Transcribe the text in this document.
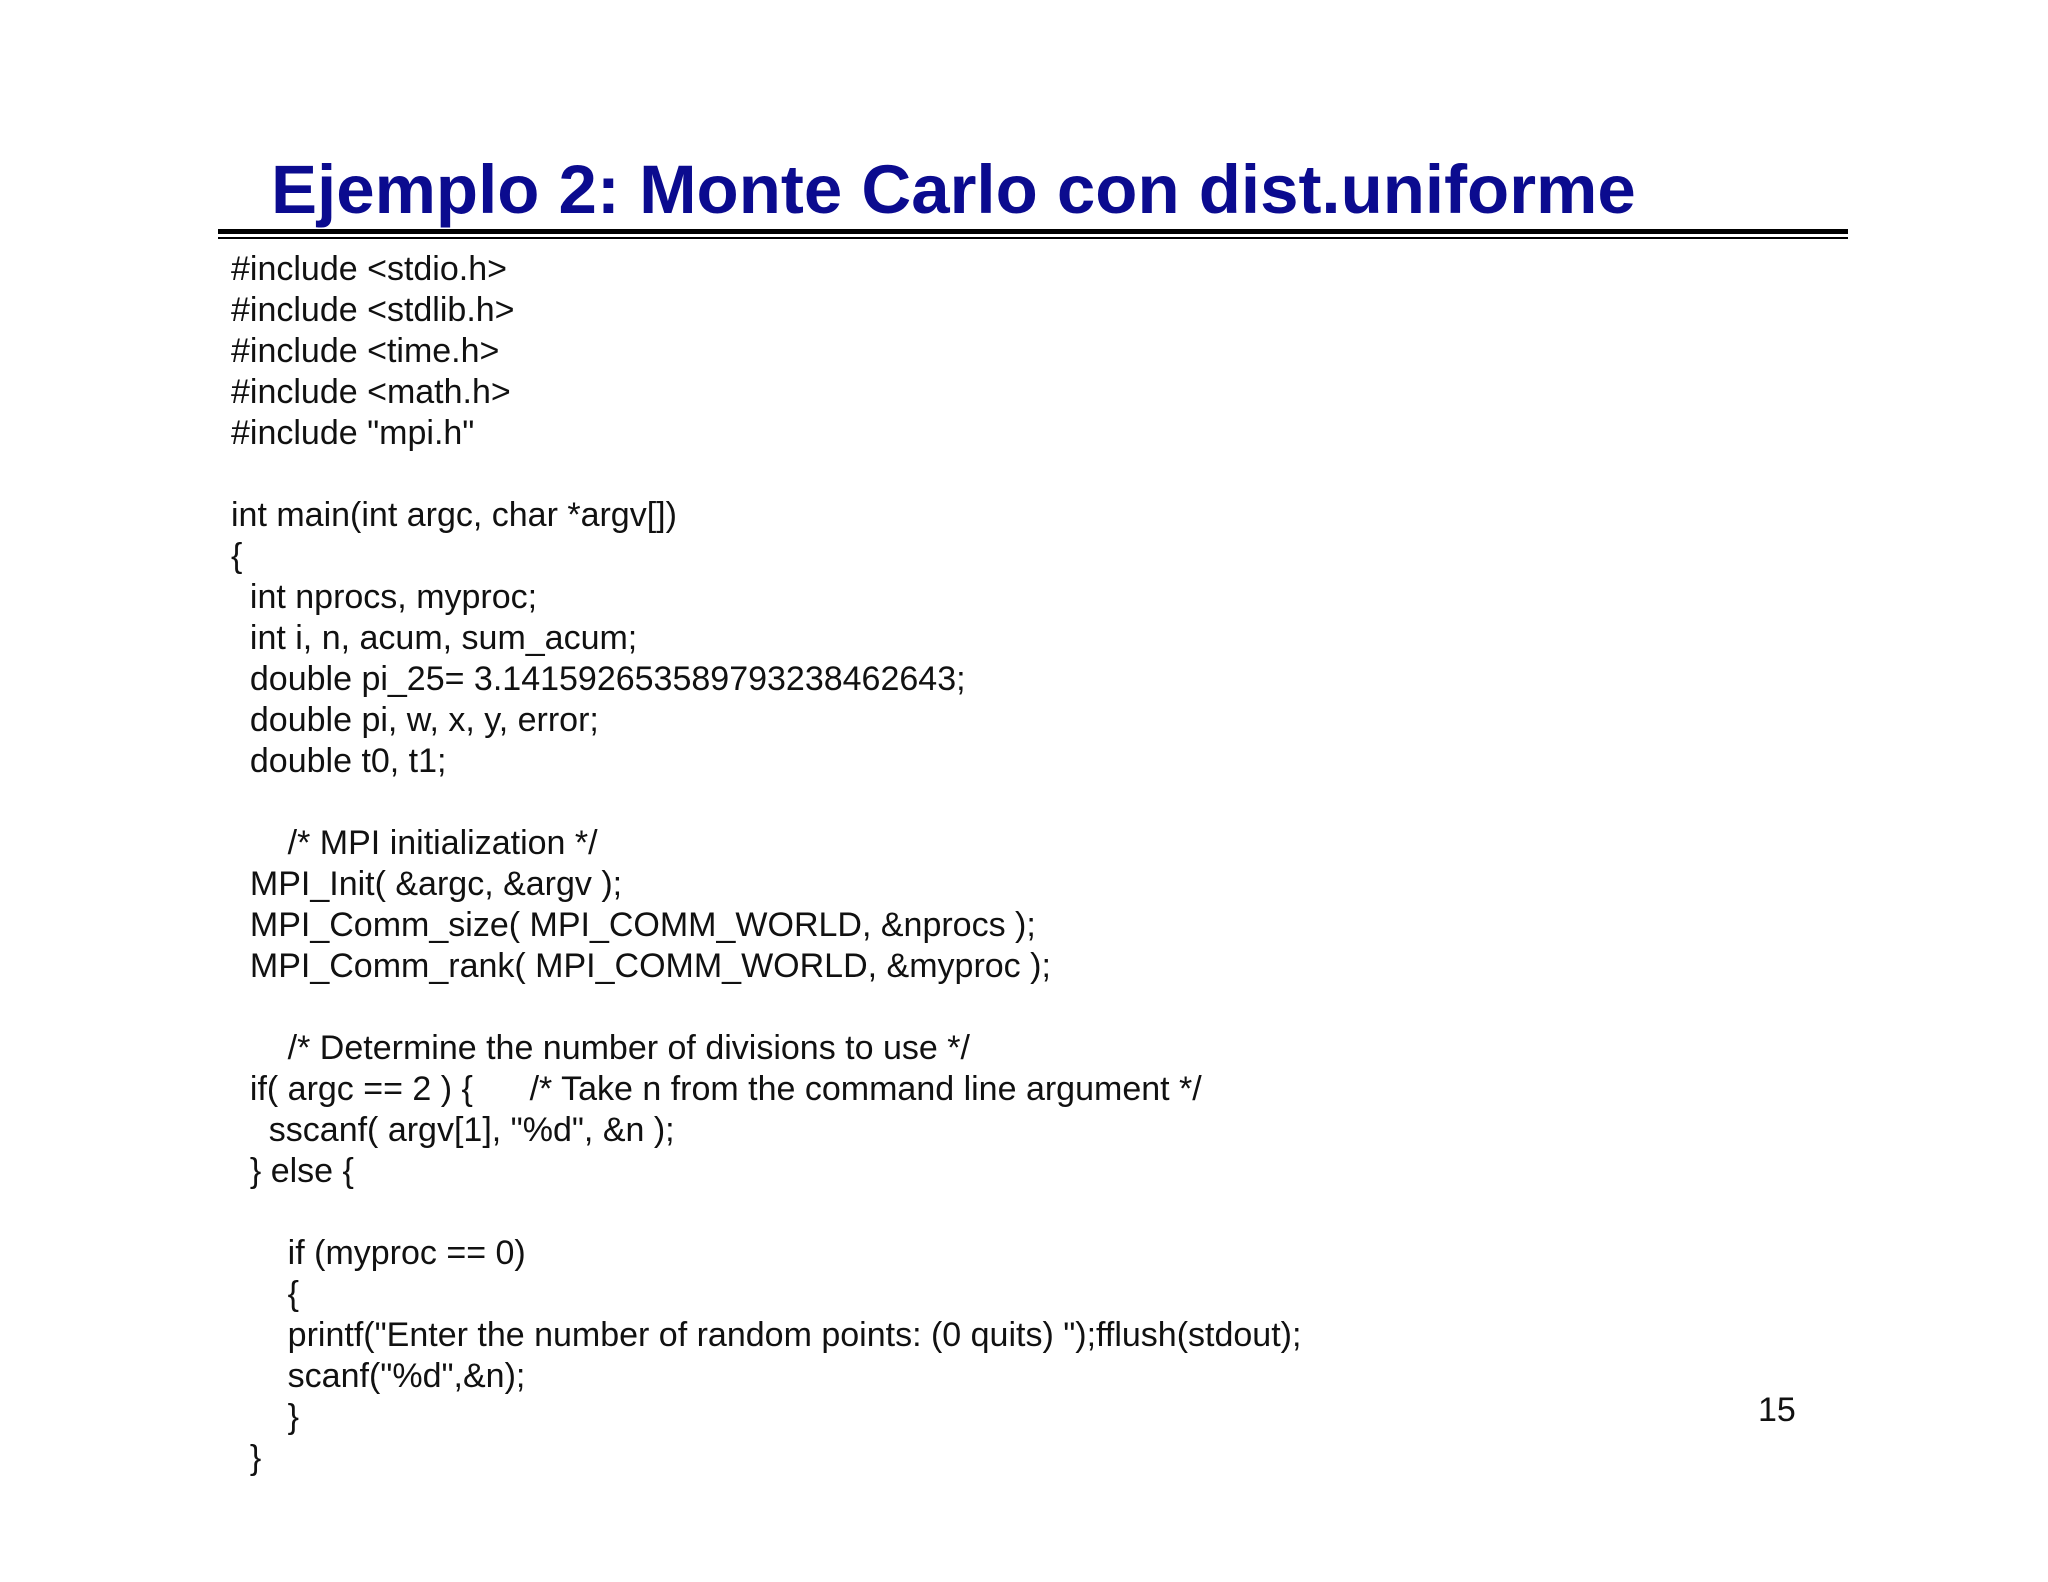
Ejemplo 2: Monte Carlo con dist.uniforme
#include <stdio.h>
#include <stdlib.h>
#include <time.h>
#include <math.h>
#include "mpi.h"
int main(int argc, char *argv[])
{
int nprocs, myproc;
int i, n, acum, sum_acum;
double pi_25= 3.141592653589793238462643;
double pi, w, x, y, error;
double t0, t1;
/* MPI initialization */
MPI_Init( &argc, &argv );
MPI_Comm_size( MPI_COMM_WORLD, &nprocs );
MPI_Comm_rank( MPI_COMM_WORLD, &myproc );
/* Determine the number of divisions to use */
if( argc == 2 ) {      /* Take n from the command line argument */
sscanf( argv[1], "%d", &n );
} else {
if (myproc == 0)
{
printf("Enter the number of random points: (0 quits) ");fflush(stdout);
scanf("%d",&n);
}
}
15
